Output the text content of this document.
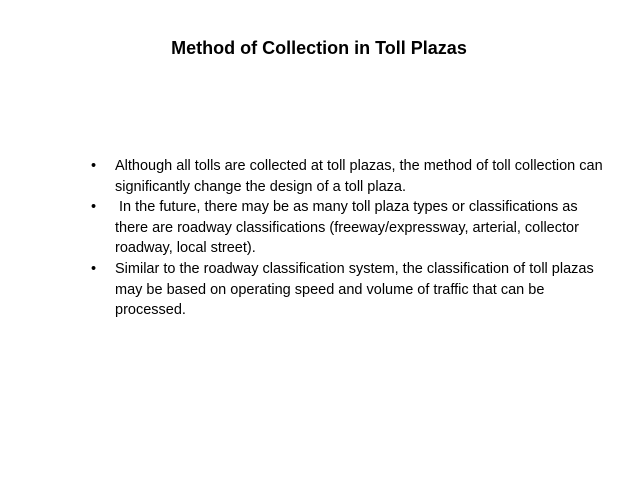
Method of Collection in Toll Plazas
•	Although all tolls are collected at toll plazas, the method of toll collection can significantly change the design of a toll plaza.
•	In the future, there may be as many toll plaza types or classifications as there are roadway classifications (freeway/expressway, arterial, collector roadway, local street).
•	Similar to the roadway classification system, the classification of toll plazas may be based on operating speed and volume of traffic that can be processed.
